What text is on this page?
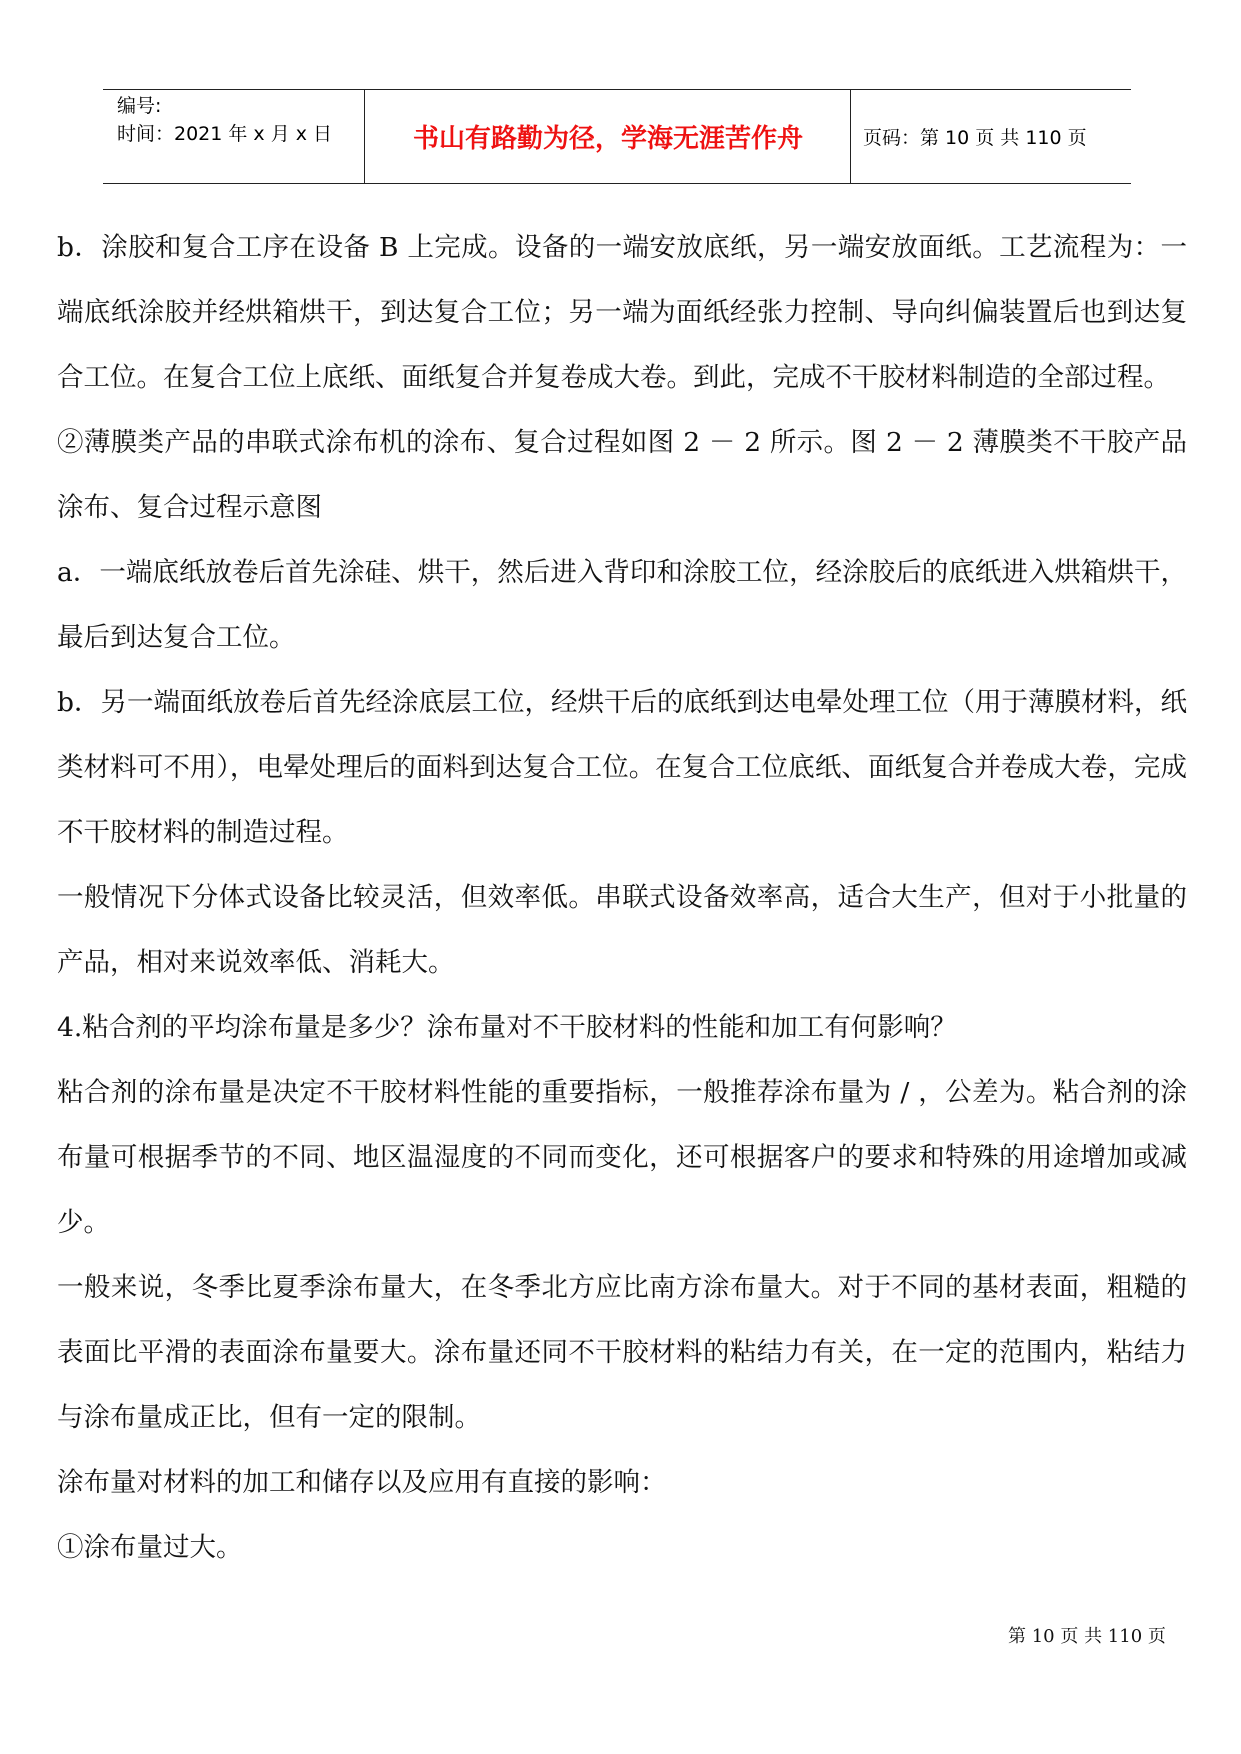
编号:
时间：2021 年 x 月 x 日	书山有路勤为径，学海无涯苦作舟	页码：第 10 页 共 110 页

b．涂胶和复合工序在设备 B 上完成。设备的一端安放底纸，另一端安放面纸。工艺流程为：一端底纸涂胶并经烘箱烘干，到达复合工位；另一端为面纸经张力控制、导向纠偏装置后也到达复合工位。在复合工位上底纸、面纸复合并复卷成大卷。到此，完成不干胶材料制造的全部过程。

②薄膜类产品的串联式涂布机的涂布、复合过程如图 2 － 2 所示。图 2 － 2 薄膜类不干胶产品涂布、复合过程示意图

a．一端底纸放卷后首先涂硅、烘干，然后进入背印和涂胶工位，经涂胶后的底纸进入烘箱烘干，最后到达复合工位。

b．另一端面纸放卷后首先经涂底层工位，经烘干后的底纸到达电晕处理工位（用于薄膜材料，纸类材料可不用），电晕处理后的面料到达复合工位。在复合工位底纸、面纸复合并卷成大卷，完成不干胶材料的制造过程。

一般情况下分体式设备比较灵活，但效率低。串联式设备效率高，适合大生产，但对于小批量的产品，相对来说效率低、消耗大。

4.粘合剂的平均涂布量是多少？涂布量对不干胶材料的性能和加工有何影响？

粘合剂的涂布量是决定不干胶材料性能的重要指标，一般推荐涂布量为 / ，公差为。粘合剂的涂布量可根据季节的不同、地区温湿度的不同而变化，还可根据客户的要求和特殊的用途增加或减少。

一般来说，冬季比夏季涂布量大，在冬季北方应比南方涂布量大。对于不同的基材表面，粗糙的表面比平滑的表面涂布量要大。涂布量还同不干胶材料的粘结力有关，在一定的范围内，粘结力与涂布量成正比，但有一定的限制。

涂布量对材料的加工和储存以及应用有直接的影响：

①涂布量过大。

第 10 页 共 110 页
